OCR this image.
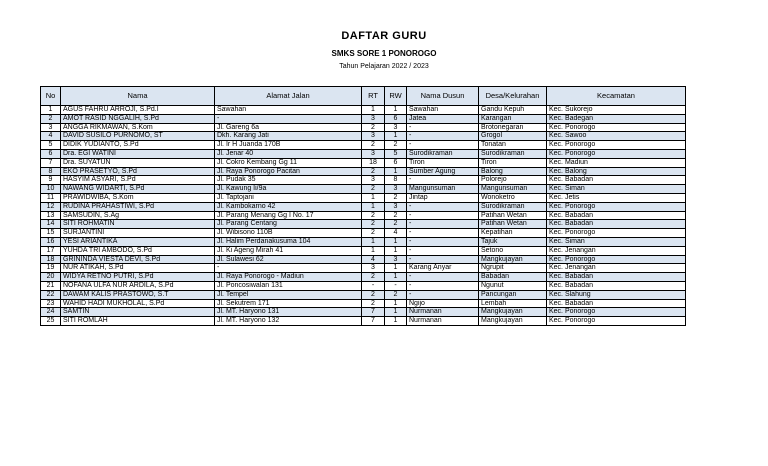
DAFTAR GURU
SMKS SORE 1 PONOROGO
Tahun Pelajaran 2022 / 2023
No	Nama	Alamat Jalan	RT	RW	Nama Dusun	Desa/Kelurahan	Kecamatan
1	AGUS FAHRU ARROJI, S.Pd.I	Sawahan	1	1	Sawahan	Gandu Kepuh	Kec. Sukorejo
2	AMOT RASID NGGALIH, S.Pd	-	3	6	Jatea	Karangan	Kec. Badegan
3	ANGGA RIKMAWAN, S.Kom	Jl. Gareng 6a	2	3	-	Brotonegaran	Kec. Ponorogo
4	DAVID SUSILO PURNOMO, ST	Dkh. Karang Jati	3	1	-	Grogol	Kec. Sawoo
5	DIDIK YUDIANTO, S.Pd	Jl. Ir H Juanda 170B	2	2	-	Tonatan	Kec. Ponorogo
6	Dra. EGI WATINI	Jl. Jenar 40	3	5	Surodikraman	Surodikraman	Kec. Ponorogo
7	Dra. SUYATUN	Jl. Cokro Kembang Gg 11	18	6	Tiron	Tiron	Kec. Madiun
8	EKO PRASETYO, S.Pd	Jl. Raya Ponorogo Pacitan	2	1	Sumber Agung	Balong	Kec. Balong
9	HASYIM ASYARI, S.Pd	Jl. Pudak 35	3	8	-	Polorejo	Kec. Babadan
10	NAWANG WIDARTI, S.Pd	Jl. Kawung Ii/9a	2	3	Mangunsuman	Mangunsuman	Kec. Siman
11	PRAWIDWIBA, S.Kom	Jl. Taptojani	1	2	Jintap	Wonoketro	Kec. Jetis
12	RUDINA PRAHASTIWI, S.Pd	Jl. Kambokarno 42	1	3	-	Surodikraman	Kec. Ponorogo
13	SAMSUDIN, S.Ag	Jl. Parang Menang Gg I No. 17	2	2	-	Patihan Wetan	Kec. Babadan
14	SITI ROHMATIN	Jl. Parang Centang	2	2	-	Patihan Wetan	Kec. Babadan
15	SURJANTINI	Jl. Wibisono 110B	2	4	-	Kepatihan	Kec. Ponorogo
16	YESI ARIANTIKA	Jl. Halim Perdanakusuma 104	1	1	-	Tajuk	Kec. Siman
17	YUHDA TRI AMBODO, S.Pd	Jl. Ki Ageng Mirah 41	1	1	-	Setono	Kec. Jenangan
18	GRININDA VIESTA DEVI, S.Pd	Jl. Sulawesi 62	4	3	-	Mangkujayan	Kec. Ponorogo
19	NUR ATIKAH, S.Pd	-	3	1	Karang Anyar	Ngrupit	Kec. Jenangan
20	WIDYA RETNO PUTRI, S.Pd	Jl. Raya Ponorogo - Madiun	2	1	-	Babadan	Kec. Babadan
21	NOFANA ULFA NUR ARDILA, S.Pd	Jl. Poncosiwalan 131	-	-	-	Ngunut	Kec. Babadan
22	DAWAM KALIS PRASTOWO, S.T	Jl. Tempel	2	2	-	Pancungan	Kec. Slahung
23	WAHID HADI MUKHOLAL, S.Pd	Jl. Sekutrem 171	2	1	Ngijo	Lembah	Kec. Babadan
24	SAMTIN	Jl. MT. Haryono 131	7	1	Nurmanan	Mangkujayan	Kec. Ponorogo
25	SITI ROMLAH	Jl. MT. Haryono 132	7	1	Nurmanan	Mangkujayan	Kec. Ponorogo
